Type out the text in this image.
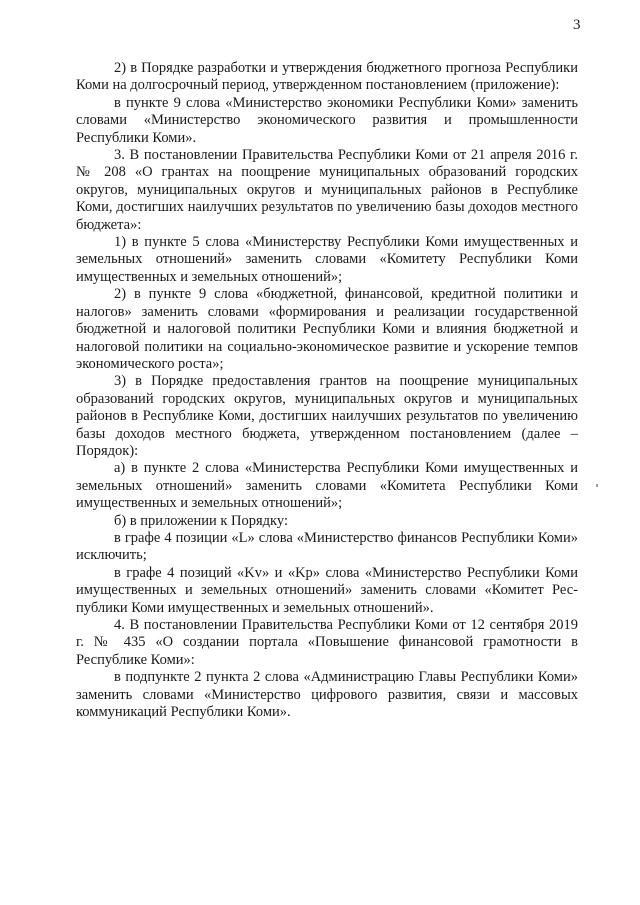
3

2) в Порядке разработки и утверждения бюджетного прогноза Республики Коми на долгосрочный период, утвержденном постановлением (приложение):

в пункте 9 слова «Министерство экономики Республики Коми» заменить словами «Министерство экономического развития и промышленности Республики Коми».

3. В постановлении Правительства Республики Коми от 21 апреля 2016 г. № 208 «О грантах на поощрение муниципальных образований городских округов, муниципальных округов и муниципальных районов в Республике Коми, достигших наилучших результатов по увеличению базы доходов местного бюджета»:

1) в пункте 5 слова «Министерству Республики Коми имущественных и земельных отношений» заменить словами «Комитету Республики Коми имущественных и земельных отношений»;

2) в пункте 9 слова «бюджетной, финансовой, кредитной политики и налогов» заменить словами «формирования и реализации государственной бюджетной и налоговой политики Республики Коми и влияния бюджетной и налоговой политики на социально-экономическое развитие и ускорение темпов экономического роста»;

3) в Порядке предоставления грантов на поощрение муниципальных образований городских округов, муниципальных округов и муниципальных районов в Республике Коми, достигших наилучших результатов по увеличению базы доходов местного бюджета, утвержденном постановлением (далее – Порядок):

а) в пункте 2 слова «Министерства Республики Коми имущественных и земельных отношений» заменить словами «Комитета Республики Коми имущественных и земельных отношений»;

б) в приложении к Порядку:

в графе 4 позиции «L» слова «Министерство финансов Республики Коми» исключить;

в графе 4 позиций «Kv» и «Kр» слова «Министерство Республики Коми имущественных и земельных отношений» заменить словами «Комитет Республики Коми имущественных и земельных отношений».

4. В постановлении Правительства Республики Коми от 12 сентября 2019 г. № 435 «О создании портала «Повышение финансовой грамотности в Республике Коми»:

в подпункте 2 пункта 2 слова «Администрацию Главы Республики Коми» заменить словами «Министерство цифрового развития, связи и массовых коммуникаций Республики Коми».
